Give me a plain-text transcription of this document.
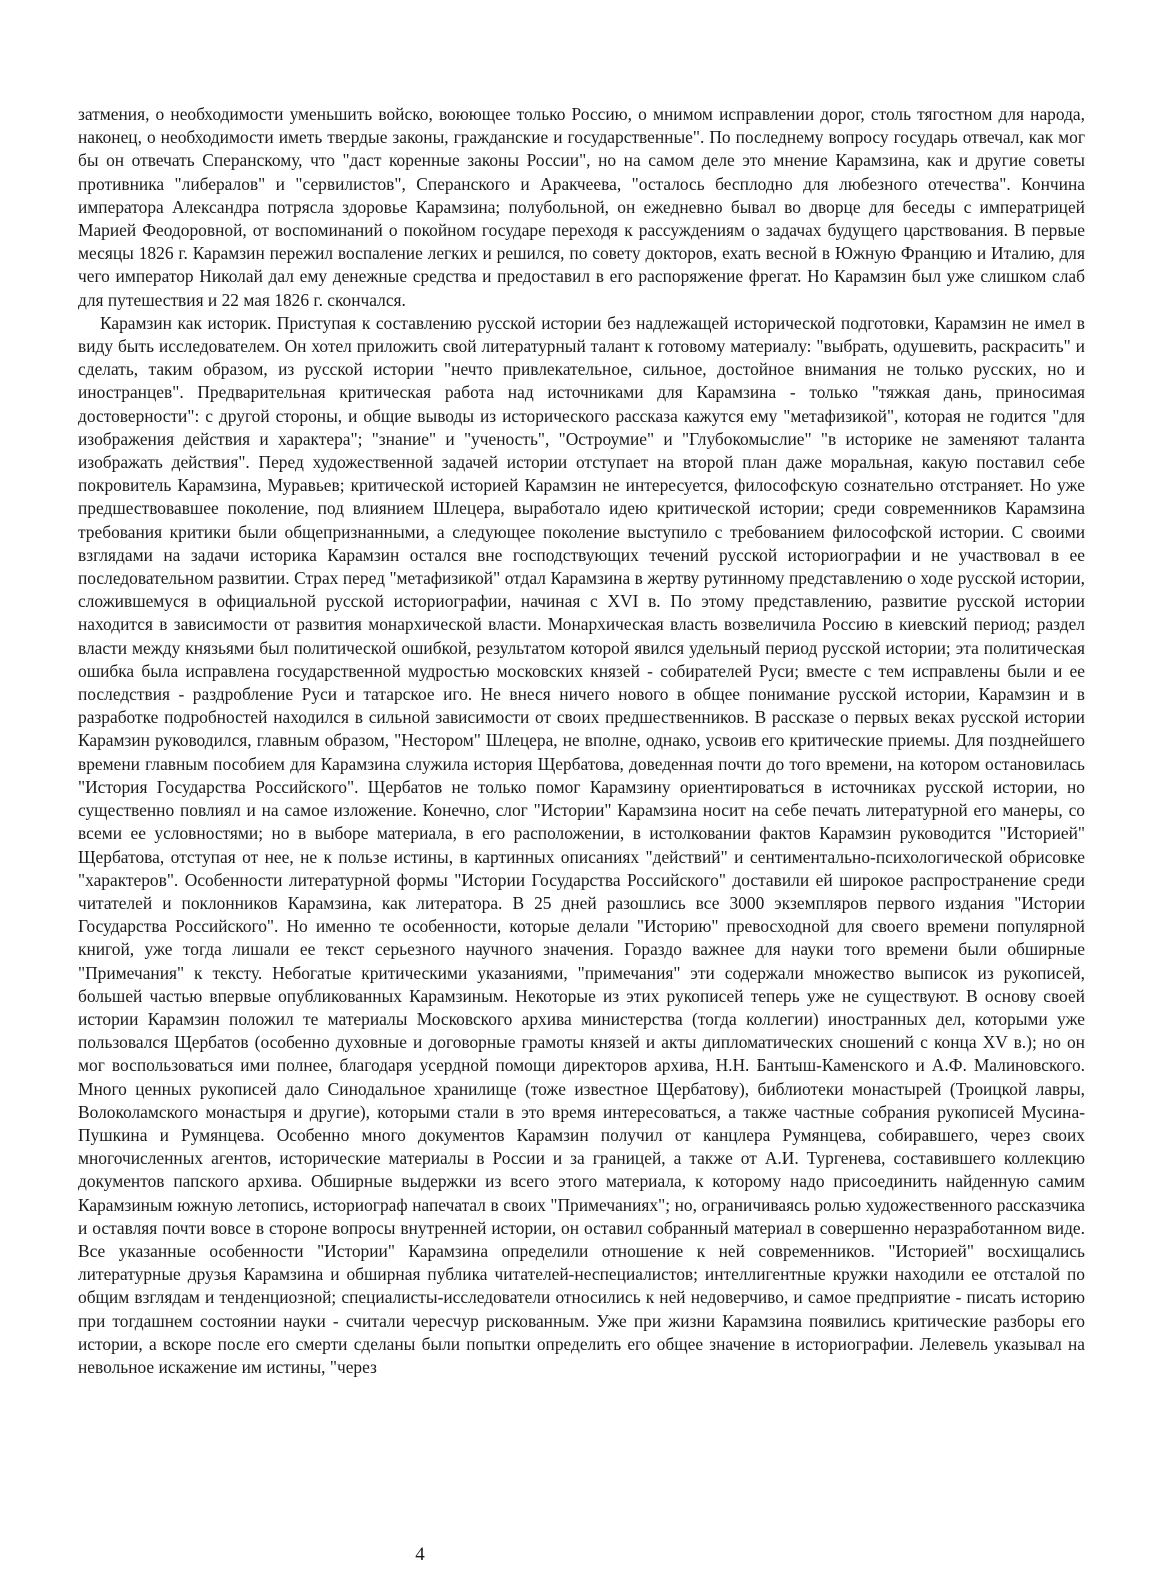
затмения, о необходимости уменьшить войско, воюющее только Россию, о мнимом исправлении дорог, столь тягостном для народа, наконец, о необходимости иметь твердые законы, гражданские и государственные". По последнему вопросу государь отвечал, как мог бы он отвечать Сперанскому, что "даст коренные законы России", но на самом деле это мнение Карамзина, как и другие советы противника "либералов" и "сервилистов", Сперанского и Аракчеева, "осталось бесплодно для любезного отечества". Кончина императора Александра потрясла здоровье Карамзина; полубольной, он ежедневно бывал во дворце для беседы с императрицей Марией Феодоровной, от воспоминаний о покойном государе переходя к рассуждениям о задачах будущего царствования. В первые месяцы 1826 г. Карамзин пережил воспаление легких и решился, по совету докторов, ехать весной в Южную Францию и Италию, для чего император Николай дал ему денежные средства и предоставил в его распоряжение фрегат. Но Карамзин был уже слишком слаб для путешествия и 22 мая 1826 г. скончался.

Карамзин как историк. Приступая к составлению русской истории без надлежащей исторической подготовки, Карамзин не имел в виду быть исследователем. Он хотел приложить свой литературный талант к готовому материалу: "выбрать, одушевить, раскрасить" и сделать, таким образом, из русской истории "нечто привлекательное, сильное, достойное внимания не только русских, но и иностранцев". Предварительная критическая работа над источниками для Карамзина - только "тяжкая дань, приносимая достоверности": с другой стороны, и общие выводы из исторического рассказа кажутся ему "метафизикой", которая не годится "для изображения действия и характера"; "знание" и "ученость", "Остроумие" и "Глубокомыслие" "в историке не заменяют таланта изображать действия". Перед художественной задачей истории отступает на второй план даже моральная, какую поставил себе покровитель Карамзина, Муравьев; критической историей Карамзин не интересуется, философскую сознательно отстраняет. Но уже предшествовавшее поколение, под влиянием Шлецера, выработало идею критической истории; среди современников Карамзина требования критики были общепризнанными, а следующее поколение выступило с требованием философской истории. С своими взглядами на задачи историка Карамзин остался вне господствующих течений русской историографии и не участвовал в ее последовательном развитии. Страх перед "метафизикой" отдал Карамзина в жертву рутинному представлению о ходе русской истории, сложившемуся в официальной русской историографии, начиная с XVI в. По этому представлению, развитие русской истории находится в зависимости от развития монархической власти. Монархическая власть возвеличила Россию в киевский период; раздел власти между князьями был политической ошибкой, результатом которой явился удельный период русской истории; эта политическая ошибка была исправлена государственной мудростью московских князей - собирателей Руси; вместе с тем исправлены были и ее последствия - раздробление Руси и татарское иго. Не внеся ничего нового в общее понимание русской истории, Карамзин и в разработке подробностей находился в сильной зависимости от своих предшественников. В рассказе о первых веках русской истории Карамзин руководился, главным образом, "Нестором" Шлецера, не вполне, однако, усвоив его критические приемы. Для позднейшего времени главным пособием для Карамзина служила история Щербатова, доведенная почти до того времени, на котором остановилась "История Государства Российского". Щербатов не только помог Карамзину ориентироваться в источниках русской истории, но существенно повлиял и на самое изложение. Конечно, слог "Истории" Карамзина носит на себе печать литературной его манеры, со всеми ее условностями; но в выборе материала, в его расположении, в истолковании фактов Карамзин руководится "Историей" Щербатова, отступая от нее, не к пользе истины, в картинных описаниях "действий" и сентиментально-психологической обрисовке "характеров". Особенности литературной формы "Истории Государства Российского" доставили ей широкое распространение среди читателей и поклонников Карамзина, как литератора. В 25 дней разошлись все 3000 экземпляров первого издания "Истории Государства Российского". Но именно те особенности, которые делали "Историю" превосходной для своего времени популярной книгой, уже тогда лишали ее текст серьезного научного значения. Гораздо важнее для науки того времени были обширные "Примечания" к тексту. Небогатые критическими указаниями, "примечания" эти содержали множество выписок из рукописей, большей частью впервые опубликованных Карамзиным. Некоторые из этих рукописей теперь уже не существуют. В основу своей истории Карамзин положил те материалы Московского архива министерства (тогда коллегии) иностранных дел, которыми уже пользовался Щербатов (особенно духовные и договорные грамоты князей и акты дипломатических сношений с конца XV в.); но он мог воспользоваться ими полнее, благодаря усердной помощи директоров архива, Н.Н. Бантыш-Каменского и А.Ф. Малиновского. Много ценных рукописей дало Синодальное хранилище (тоже известное Щербатову), библиотеки монастырей (Троицкой лавры, Волоколамского монастыря и другие), которыми стали в это время интересоваться, а также частные собрания рукописей Мусина-Пушкина и Румянцева. Особенно много документов Карамзин получил от канцлера Румянцева, собиравшего, через своих многочисленных агентов, исторические материалы в России и за границей, а также от А.И. Тургенева, составившего коллекцию документов папского архива. Обширные выдержки из всего этого материала, к которому надо присоединить найденную самим Карамзиным южную летопись, историограф напечатал в своих "Примечаниях"; но, ограничиваясь ролью художественного рассказчика и оставляя почти вовсе в стороне вопросы внутренней истории, он оставил собранный материал в совершенно неразработанном виде. Все указанные особенности "Истории" Карамзина определили отношение к ней современников. "Историей" восхищались литературные друзья Карамзина и обширная публика читателей-неспециалистов; интеллигентные кружки находили ее отсталой по общим взглядам и тенденциозной; специалисты-исследователи относились к ней недоверчиво, и самое предприятие - писать историю при тогдашнем состоянии науки - считали чересчур рискованным. Уже при жизни Карамзина появились критические разборы его истории, а вскоре после его смерти сделаны были попытки определить его общее значение в историографии. Лелевель указывал на невольное искажение им истины, "через

4
